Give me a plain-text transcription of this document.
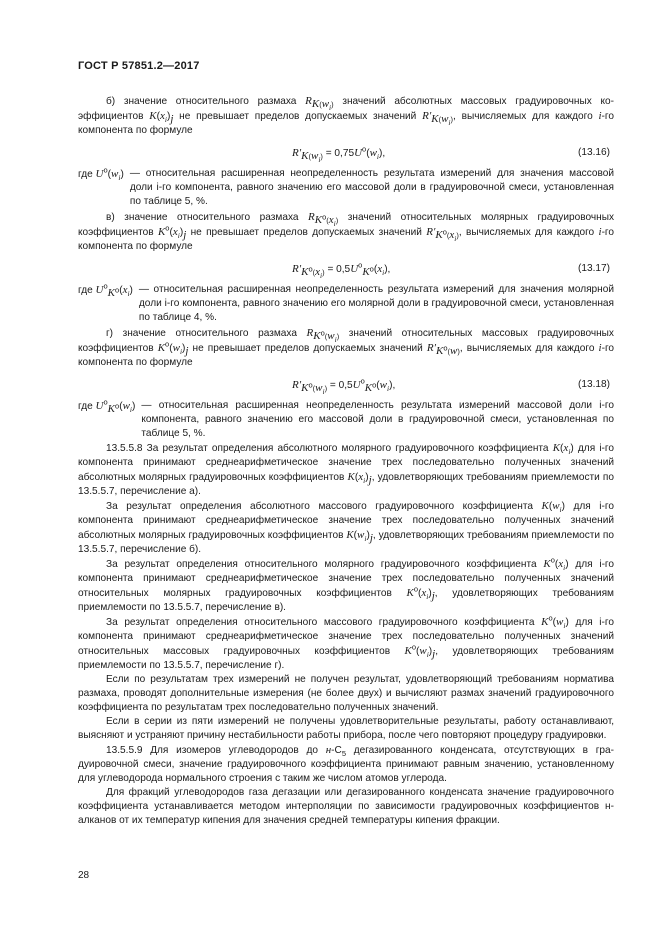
ГОСТ Р 57851.2—2017

б) значение относительного размаха $R_{K(w_i)}$ значений абсолютных массовых градуировочных коэффициентов $K(x_i)_j$ не превышает пределов допускаемых значений $R'_{K(w_i)}$, вычисляемых для каждого i-го компонента по формуле

$R'_{K(w_i)} = 0,75U^o(w_i)$,	(13.16)
где $U^o(w_i)$ — относительная расширенная неопределенность результата измерений для значения массовой доли i-го компонента, равного значению его массовой доли в градуировочной смеси, установленная по таблице 5, %.

в) значение относительного размаха $R_{K^o(x_i)}$ значений относительных молярных градуировочных коэффициентов $K^o(x_i)_j$ не превышает пределов допускаемых значений $R'_{K^o(x_i)}$, вычисляемых для каждого i-го компонента по формуле

$R'_{K^o(x_i)} = 0,5U^o_{K^o}(x_i)$,	(13.17)
где $U^o_{K^o}(x_i)$ — относительная расширенная неопределенность результата измерений для значения молярной доли i-го компонента, равного значению его молярной доли в градуировочной смеси, установленная по таблице 4, %.

г) значение относительного размаха $R_{K^o(w_i)}$ значений относительных массовых градуировочных коэффициентов $K^o(w_i)_j$ не превышает пределов допускаемых значений $R'_{K^o(w)}$, вычисляемых для каждого i-го компонента по формуле

$R'_{K^o(w_i)} = 0,5U^o_{K^o}(w_i)$,	(13.18)
где $U^o_{K^o}(w_i)$ — относительная расширенная неопределенность результата измерений массовой доли i-го компонента, равного значению его массовой доли в градуировочной смеси, установленная по таблице 5, %.

13.5.5.8 За результат определения абсолютного молярного градуировочного коэффициента $K(x_i)$ для i-го компонента принимают среднеарифметическое значение трех последовательно полученных значений абсолютных молярных градуировочных коэффициентов $K(x_i)_j$, удовлетворяющих требованиям приемлемости по 13.5.5.7, перечисление а).

За результат определения абсолютного массового градуировочного коэффициента $K(w_i)$ для i-го компонента принимают среднеарифметическое значение трех последовательно полученных значений абсолютных молярных градуировочных коэффициентов $K(w_i)_j$, удовлетворяющих требованиям приемлемости по 13.5.5.7, перечисление б).

За результат определения относительного молярного градуировочного коэффициента $K^o(x_i)$ для i-го компонента принимают среднеарифметическое значение трех последовательно полученных значений относительных молярных градуировочных коэффициентов $K^o(x_i)_j$, удовлетворяющих требованиям приемлемости по 13.5.5.7, перечисление в).

За результат определения относительного массового градуировочного коэффициента $K^o(w_i)$ для i-го компонента принимают среднеарифметическое значение трех последовательно полученных значений относительных массовых градуировочных коэффициентов $K^o(w_i)_j$, удовлетворяющих требованиям приемлемости по 13.5.5.7, перечисление г).

Если по результатам трех измерений не получен результат, удовлетворяющий требованиям норматива размаха, проводят дополнительные измерения (не более двух) и вычисляют размах значений градуировочного коэффициента по результатам трех последовательно полученных значений.

Если в серии из пяти измерений не получены удовлетворительные результаты, работу останавливают, выясняют и устраняют причину нестабильности работы прибора, после чего повторяют процедуру градуировки.

13.5.5.9 Для изомеров углеводородов до $н-C_5$ дегазированного конденсата, отсутствующих в градуировочной смеси, значение градуировочного коэффициента принимают равным значению, установленному для углеводорода нормального строения с таким же числом атомов углерода.

Для фракций углеводородов газа дегазации или дегазированного конденсата значение градуировочного коэффициента устанавливается методом интерполяции по зависимости градуировочных коэффициентов н-алканов от их температур кипения для значения средней температуры кипения фракции.

28
